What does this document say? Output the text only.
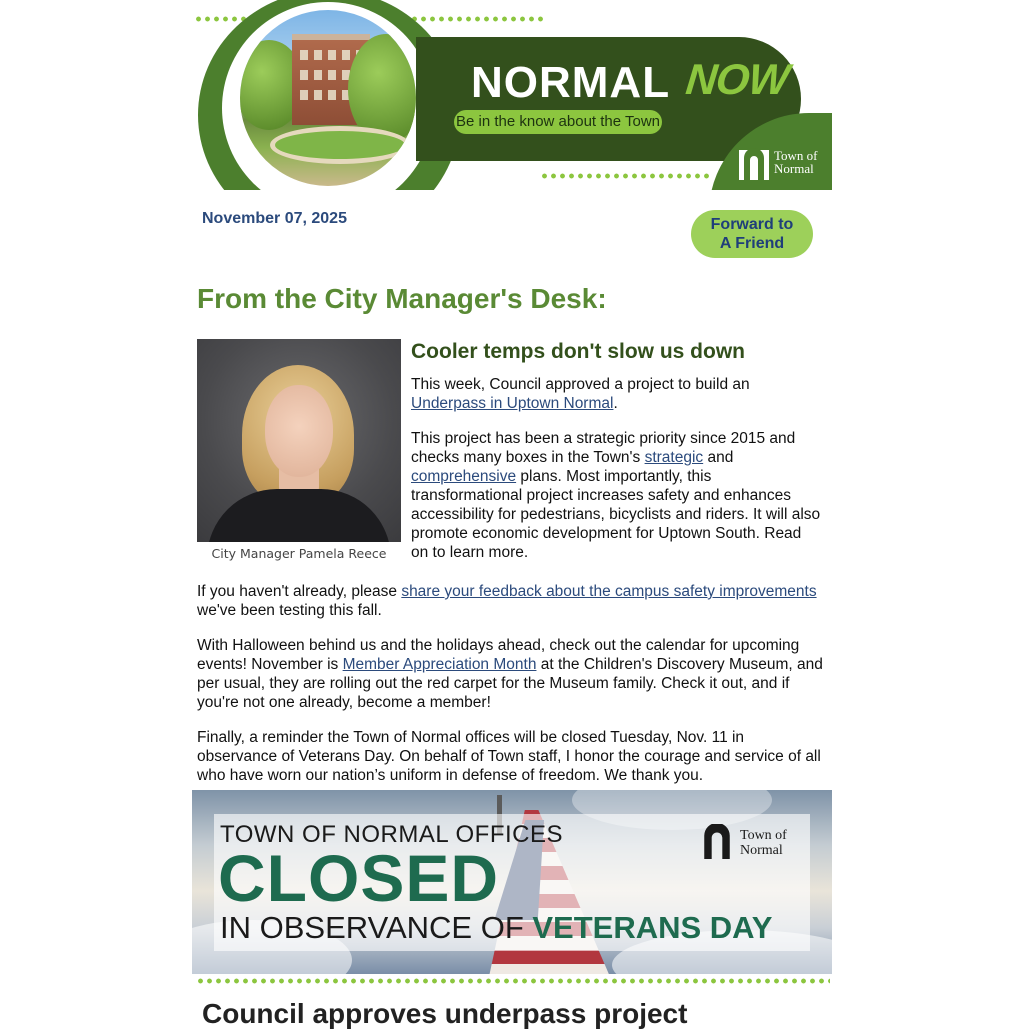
NORMAL NOW
Be in the know about the Town
Town of
Normal
November 07, 2025	Forward to
A Friend
From the City Manager's Desk:
City Manager Pamela Reece
Cooler temps don't slow us down
This week, Council approved a project to build an
Underpass in Uptown Normal.
This project has been a strategic priority since 2015 and checks many boxes in the Town's strategic and comprehensive plans. Most importantly, this transformational project increases safety and enhances accessibility for pedestrians, bicyclists and riders. It will also promote economic development for Uptown South. Read on to learn more.
If you haven't already, please share your feedback about the campus safety improvements we've been testing this fall.
With Halloween behind us and the holidays ahead, check out the calendar for upcoming events! November is Member Appreciation Month at the Children's Discovery Museum, and per usual, they are rolling out the red carpet for the Museum family. Check it out, and if you're not one already, become a member!
Finally, a reminder the Town of Normal offices will be closed Tuesday, Nov. 11 in observance of Veterans Day. On behalf of Town staff, I honor the courage and service of all who have worn our nation’s uniform in defense of freedom. We thank you.
TOWN OF NORMAL OFFICES
CLOSED
IN OBSERVANCE OF VETERANS DAY
Town of
Normal
Council approves underpass project
